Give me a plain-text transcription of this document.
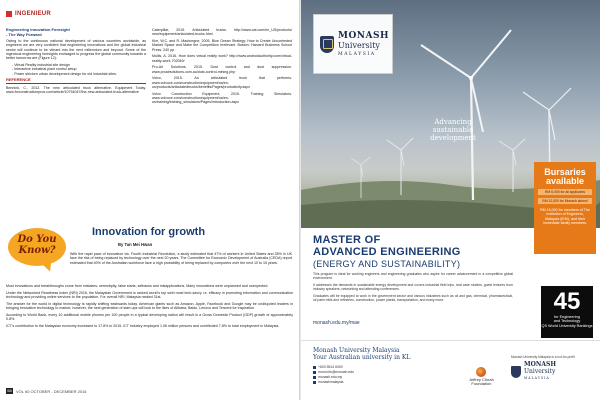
INGENIEUR
Engineering Innovation Foresight
- The Way Forward
Owing to the continuous national development of various countries worldwide, as engineers we are very confident that engineering innovations and the global industrial sector will continue to be vibrant into the next millennium and beyond. Some of the ingenious engineering foresights envisaged to progress the global community towards a better tomorrow are (Figure 12):
- Virtual Reality industrial site design
- Interactive industrial plant control setup
- Power stricken urban development design for old industrial sites.
REFERENCE
Bennink, C., 2012. The new articulated truck alternative. Equipment Today. www.forconstructionpros.com/article/10754047/the-new-articulated-truck-alternative
Caterpillar, 2015. Articulated trucks. http://www.cat.com/en_US/products/ new/equipment/articulated-trucks.html
Kim, W.C. and R. Mauborgne, 2005, Blue Ocean Strategy: How to Create Uncontested Market Space and Make the Competition Irrelevant. Boston: Harvard Business School Press. 240 pp
Mullis, A. 2016. How does virtual reality work? http://www.androidauthority.com/virtual-reality-work-702049/
Pro-Air Solutions, 2015. Dust control and dust suppression. www.proairsolutions.com.au/dust-control-mining.php
Volvo, 2015. An articulated truck that performs. www.volvoce.com/constructionequipment/na/en-us/products/articulatedtrucks/benefits/Pages/productivity.aspx
Volvo Construction Equipment, 2015. Training Simulators. www.volvoce.com/constructionequipment/na/en-us/training/training_simulators/Pages/introduction.aspx
Do You
Know?
Innovation for growth
By Tan Mei Hwan
With the rapid pace of innovation vis. Fourth Industrial Revolution, a study estimated that 47% of workers in United States and 35% in UK face the risk of being replaced by technology over the next 20 years. The Committee for Economic Development of Australia (CEDA) report estimated that 40% of the Australian workforce face a high probability of being replaced by computers over the next 10 to 15 years.
Most innovations and breakthroughs come from mistakes, serendipity, false starts, setbacks and misapplications. Many innovations were unplanned and unexpected.
Under the Networked Readiness Index (NRI) 2016, the Malaysian Government is ranked world's top sixth most tech-savvy i.e. efficacy in promoting information and communication technology and providing online services to the population. For overall NRI, Malaysia ranked 31st.
The answer for the world in digital technology is rapidly shifting eastwards today. American giants such as Amazon, Apple, Facebook and Google may be undisputed leaders in bringing innovative technology to market, however, the next generation of start-ups will look to the likes of Alibaba, Baidu, Lenovo and Tencent for inspiration.
According to World Bank, every 10 additional mobile phones per 100 people in a typical developing nation will result in a Gross Domestic Product (GDP) growth of approximately 0.8%.
ICT's contribution to the Malaysian economy increased to 17.8% in 2015. ICT industry employed 1.06 million persons and contributed 7.8% to total employment in Malaysia.
58	VOL 60 OCTOBER - DECEMBER 2016
MONASH
University
MALAYSIA
Advancing
sustainable
development
Bursaries
available
RM 6,000 for all applicants
RM 12,000 for Monash alumni
RM 15,000 for members of The Institution of Engineers, Malaysia (IEM), and their immediate family members.
MASTER OF
ADVANCED ENGINEERING
(ENERGY AND SUSTAINABILITY)
This program is ideal for working engineers and engineering graduates who aspire for career advancement in a competitive global environment.
It addresses the demands in sustainable energy development and covers industrial field trips, real case studies, guest lectures from industry speakers, networking and attending conferences.
Graduates will be equipped to work in the government sector and various industries such as oil and gas, chemical, pharmaceutical, oil palm mills and refineries, construction, power plants, transportation, and many more.
monash.edu.my/mae
45
for Engineering
and Technology
QS World University Rankings
Monash University Malaysia
Your Australian university in KL
+603 5514 6000
mum.info@monash.edu
monash.edu.my
monashmalaysia	Jeffrey Cheah
Foundation
Monash University Malaysia is a not-for-profit
MONASH
University
MALAYSIA
